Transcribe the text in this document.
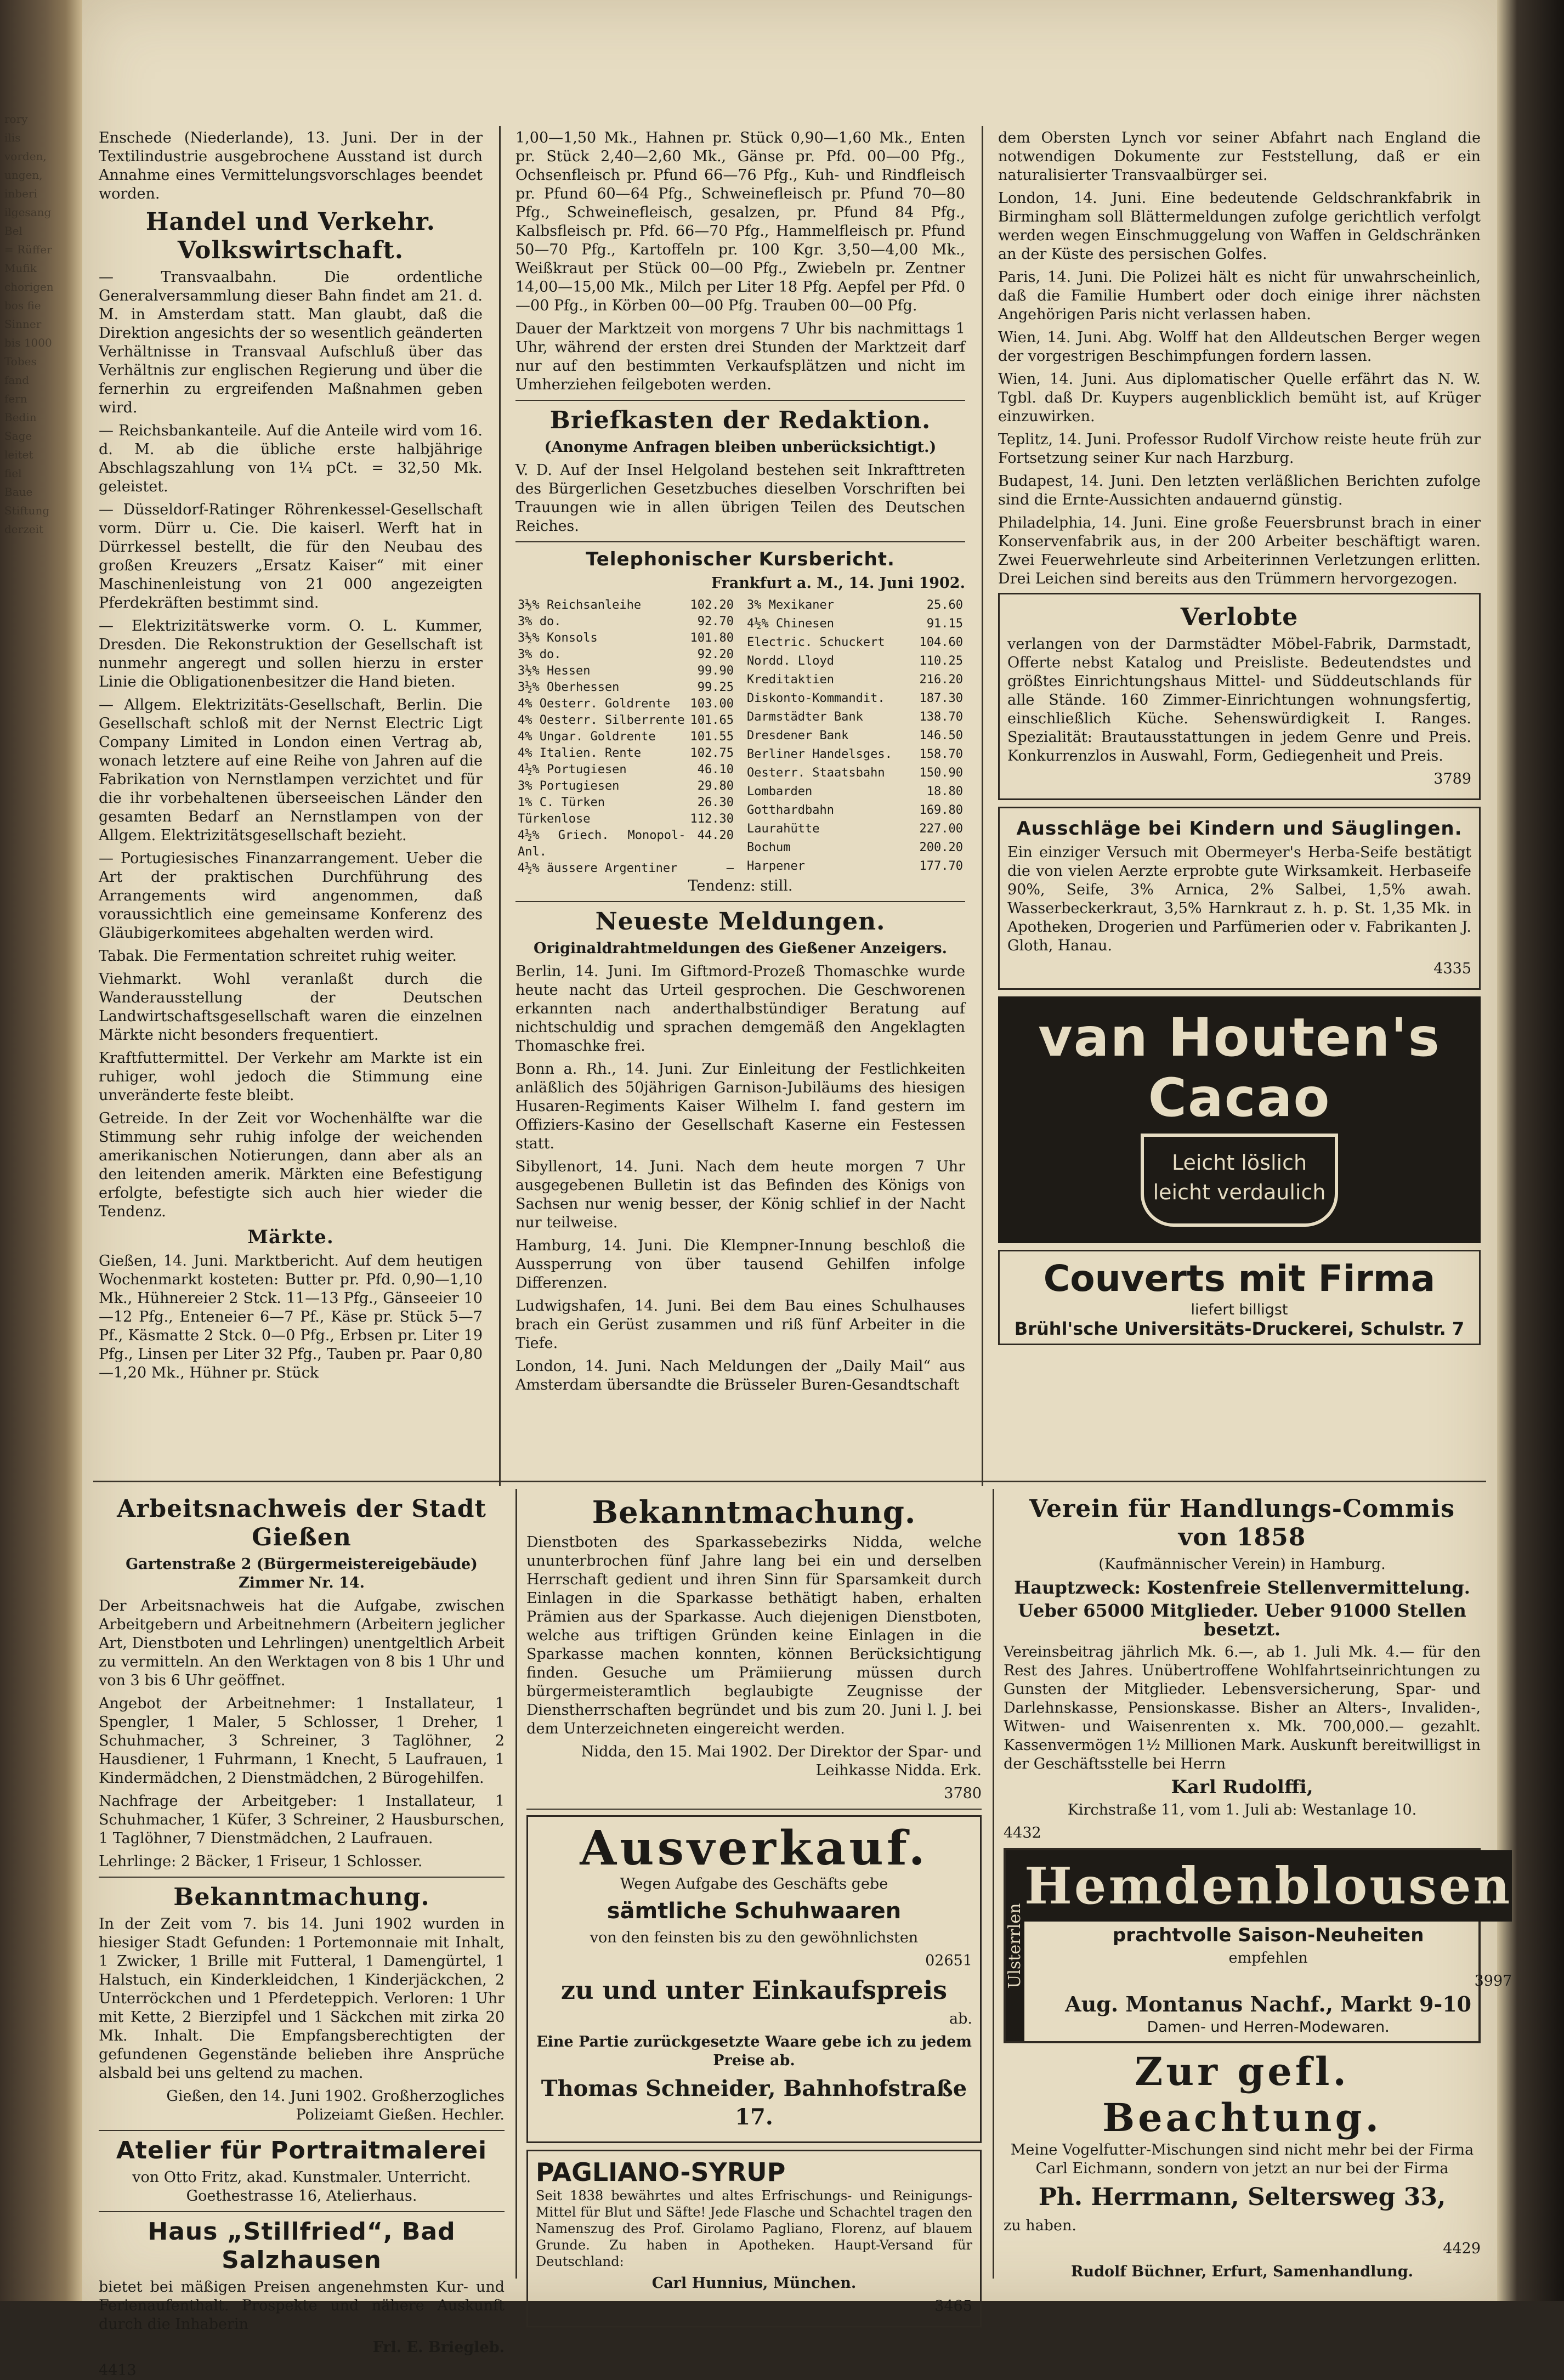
rory
ilis
vorden,
ungen,
inberi
ilgesang
Bel
= Rüffer
Mufik
chorigen
bos fie
Sinner
bis 1000
Tobes
fand
fern
Bedin
Sage
leitet
fiel
Baue
Stiftung
derzeit

Enschede (Niederlande), 13. Juni. Der in der Textilindustrie ausgebrochene Ausstand ist durch Annahme eines Vermittelungsvorschlages beendet worden.

Handel und Verkehr. Volkswirtschaft.

— Transvaalbahn. Die ordentliche Generalversammlung dieser Bahn findet am 21. d. M. in Amsterdam statt. Man glaubt, daß die Direktion angesichts der so wesentlich geänderten Verhältnisse in Transvaal Aufschluß über das Verhältnis zur englischen Regierung und über die fernerhin zu ergreifenden Maßnahmen geben wird.

— Reichsbankanteile. Auf die Anteile wird vom 16. d. M. ab die übliche erste halbjährige Abschlagszahlung von 1¼ pCt. = 32,50 Mk. geleistet.

— Düsseldorf-Ratinger Röhrenkessel-Gesellschaft vorm. Dürr u. Cie. Die kaiserl. Werft hat in Dürrkessel bestellt, die für den Neubau des großen Kreuzers „Ersatz Kaiser“ mit einer Maschinenleistung von 21 000 angezeigten Pferdekräften bestimmt sind.

— Elektrizitätswerke vorm. O. L. Kummer, Dresden. Die Rekonstruktion der Gesellschaft ist nunmehr angeregt und sollen hierzu in erster Linie die Obligationenbesitzer die Hand bieten.

— Allgem. Elektrizitäts-Gesellschaft, Berlin. Die Gesellschaft schloß mit der Nernst Electric Ligt Company Limited in London einen Vertrag ab, wonach letztere auf eine Reihe von Jahren auf die Fabrikation von Nernstlampen verzichtet und für die ihr vorbehaltenen überseeischen Länder den gesamten Bedarf an Nernstlampen von der Allgem. Elektrizitätsgesellschaft bezieht.

— Portugiesisches Finanzarrangement. Ueber die Art der praktischen Durchführung des Arrangements wird angenommen, daß voraussichtlich eine gemeinsame Konferenz des Gläubigerkomitees abgehalten werden wird.

Tabak. Die Fermentation schreitet ruhig weiter.

Viehmarkt. Wohl veranlaßt durch die Wanderausstellung der Deutschen Landwirtschaftsgesellschaft waren die einzelnen Märkte nicht besonders frequentiert.

Kraftfuttermittel. Der Verkehr am Markte ist ein ruhiger, wohl jedoch die Stimmung eine unveränderte feste bleibt.

Getreide. In der Zeit vor Wochenhälfte war die Stimmung sehr ruhig infolge der weichenden amerikanischen Notierungen, dann aber als an den leitenden amerik. Märkten eine Befestigung erfolgte, befestigte sich auch hier wieder die Tendenz.

Märkte.

Gießen, 14. Juni. Marktbericht. Auf dem heutigen Wochenmarkt kosteten: Butter pr. Pfd. 0,90—1,10 Mk., Hühnereier 2 Stck. 11—13 Pfg., Gänseeier 10—12 Pfg., Enteneier 6—7 Pf., Käse pr. Stück 5—7 Pf., Käsmatte 2 Stck. 0—0 Pfg., Erbsen pr. Liter 19 Pfg., Linsen per Liter 32 Pfg., Tauben pr. Paar 0,80—1,20 Mk., Hühner pr. Stück

1,00—1,50 Mk., Hahnen pr. Stück 0,90—1,60 Mk., Enten pr. Stück 2,40—2,60 Mk., Gänse pr. Pfd. 00—00 Pfg., Ochsenfleisch pr. Pfund 66—76 Pfg., Kuh- und Rindfleisch pr. Pfund 60—64 Pfg., Schweinefleisch pr. Pfund 70—80 Pfg., Schweinefleisch, gesalzen, pr. Pfund 84 Pfg., Kalbsfleisch pr. Pfd. 66—70 Pfg., Hammelfleisch pr. Pfund 50—70 Pfg., Kartoffeln pr. 100 Kgr. 3,50—4,00 Mk., Weißkraut per Stück 00—00 Pfg., Zwiebeln pr. Zentner 14,00—15,00 Mk., Milch per Liter 18 Pfg. Aepfel per Pfd. 0—00 Pfg., in Körben 00—00 Pfg. Trauben 00—00 Pfg.

Dauer der Marktzeit von morgens 7 Uhr bis nachmittags 1 Uhr, während der ersten drei Stunden der Marktzeit darf nur auf den bestimmten Verkaufsplätzen und nicht im Umherziehen feilgeboten werden.

Briefkasten der Redaktion.

(Anonyme Anfragen bleiben unberücksichtigt.)

V. D. Auf der Insel Helgoland bestehen seit Inkrafttreten des Bürgerlichen Gesetzbuches dieselben Vorschriften bei Trauungen wie in allen übrigen Teilen des Deutschen Reiches.

Telephonischer Kursbericht.

Frankfurt a. M., 14. Juni 1902.

3½% Reichsanleihe	102.20
3% do.	92.70
3½% Konsols	101.80
3% do.	92.20
3½% Hessen	99.90
3½% Oberhessen	99.25
4% Oesterr. Goldrente	103.00
4% Oesterr. Silberrente	101.65
4% Ungar. Goldrente	101.55
4% Italien. Rente	102.75
4½% Portugiesen	46.10
3% Portugiesen	29.80
1% C. Türken	26.30
Türkenlose	112.30
4½% Griech. Monopol-Anl.	44.20
4½% äussere Argentiner	—
3% Mexikaner	25.60
4½% Chinesen	91.15
Electric. Schuckert	104.60
Nordd. Lloyd	110.25
Kreditaktien	216.20
Diskonto-Kommandit.	187.30
Darmstädter Bank	138.70
Dresdener Bank	146.50
Berliner Handelsges.	158.70
Oesterr. Staatsbahn	150.90
Lombarden	18.80
Gotthardbahn	169.80
Laurahütte	227.00
Bochum	200.20
Harpener	177.70

Tendenz: still.

Neueste Meldungen.

Originaldrahtmeldungen des Gießener Anzeigers.

Berlin, 14. Juni. Im Giftmord-Prozeß Thomaschke wurde heute nacht das Urteil gesprochen. Die Geschworenen erkannten nach anderthalbstündiger Beratung auf nichtschuldig und sprachen demgemäß den Angeklagten Thomaschke frei.

Bonn a. Rh., 14. Juni. Zur Einleitung der Festlichkeiten anläßlich des 50jährigen Garnison-Jubiläums des hiesigen Husaren-Regiments Kaiser Wilhelm I. fand gestern im Offiziers-Kasino der Gesellschaft Kaserne ein Festessen statt.

Sibyllenort, 14. Juni. Nach dem heute morgen 7 Uhr ausgegebenen Bulletin ist das Befinden des Königs von Sachsen nur wenig besser, der König schlief in der Nacht nur teilweise.

Hamburg, 14. Juni. Die Klempner-Innung beschloß die Aussperrung von über tausend Gehilfen infolge Differenzen.

Ludwigshafen, 14. Juni. Bei dem Bau eines Schulhauses brach ein Gerüst zusammen und riß fünf Arbeiter in die Tiefe.

London, 14. Juni. Nach Meldungen der „Daily Mail“ aus Amsterdam übersandte die Brüsseler Buren-Gesandtschaft

dem Obersten Lynch vor seiner Abfahrt nach England die notwendigen Dokumente zur Feststellung, daß er ein naturalisierter Transvaalbürger sei.

London, 14. Juni. Eine bedeutende Geldschrankfabrik in Birmingham soll Blättermeldungen zufolge gerichtlich verfolgt werden wegen Einschmuggelung von Waffen in Geldschränken an der Küste des persischen Golfes.

Paris, 14. Juni. Die Polizei hält es nicht für unwahrscheinlich, daß die Familie Humbert oder doch einige ihrer nächsten Angehörigen Paris nicht verlassen haben.

Wien, 14. Juni. Abg. Wolff hat den Alldeutschen Berger wegen der vorgestrigen Beschimpfungen fordern lassen.

Wien, 14. Juni. Aus diplomatischer Quelle erfährt das N. W. Tgbl. daß Dr. Kuypers augenblicklich bemüht ist, auf Krüger einzuwirken.

Teplitz, 14. Juni. Professor Rudolf Virchow reiste heute früh zur Fortsetzung seiner Kur nach Harzburg.

Budapest, 14. Juni. Den letzten verläßlichen Berichten zufolge sind die Ernte-Aussichten andauernd günstig.

Philadelphia, 14. Juni. Eine große Feuersbrunst brach in einer Konservenfabrik aus, in der 200 Arbeiter beschäftigt waren. Zwei Feuerwehrleute sind Arbeiterinnen Verletzungen erlitten. Drei Leichen sind bereits aus den Trümmern hervorgezogen.

Verlobte

verlangen von der Darmstädter Möbel-Fabrik, Darmstadt, Offerte nebst Katalog und Preisliste. Bedeutendstes und größtes Einrichtungshaus Mittel- und Süddeutschlands für alle Stände. 160 Zimmer-Einrichtungen wohnungsfertig, einschließlich Küche. Sehenswürdigkeit I. Ranges. Spezialität: Brautausstattungen in jedem Genre und Preis. Konkurrenzlos in Auswahl, Form, Gediegenheit und Preis.

3789

Ausschläge bei Kindern und Säuglingen.

Ein einziger Versuch mit Obermeyer's Herba-Seife bestätigt die von vielen Aerzte erprobte gute Wirksamkeit. Herbaseife 90%, Seife, 3% Arnica, 2% Salbei, 1,5% awah. Wasserbeckerkraut, 3,5% Harnkraut z. h. p. St. 1,35 Mk. in Apotheken, Drogerien und Parfümerien oder v. Fabrikanten J. Gloth, Hanau.

4335

van Houten's
Cacao
Leicht löslich
leicht verdaulich
Couverts mit Firma
liefert billigst
Brühl'sche Universitäts-Druckerei, Schulstr. 7
Arbeitsnachweis der Stadt Gießen

Gartenstraße 2 (Bürgermeistereigebäude) Zimmer Nr. 14.

Der Arbeitsnachweis hat die Aufgabe, zwischen Arbeitgebern und Arbeitnehmern (Arbeitern jeglicher Art, Dienstboten und Lehrlingen) unentgeltlich Arbeit zu vermitteln. An den Werktagen von 8 bis 1 Uhr und von 3 bis 6 Uhr geöffnet.

Angebot der Arbeitnehmer: 1 Installateur, 1 Spengler, 1 Maler, 5 Schlosser, 1 Dreher, 1 Schuhmacher, 3 Schreiner, 3 Taglöhner, 2 Hausdiener, 1 Fuhrmann, 1 Knecht, 5 Laufrauen, 1 Kindermädchen, 2 Dienstmädchen, 2 Bürogehilfen.

Nachfrage der Arbeitgeber: 1 Installateur, 1 Schuhmacher, 1 Küfer, 3 Schreiner, 2 Hausburschen, 1 Taglöhner, 7 Dienstmädchen, 2 Laufrauen.

Lehrlinge: 2 Bäcker, 1 Friseur, 1 Schlosser.

Bekanntmachung.

In der Zeit vom 7. bis 14. Juni 1902 wurden in hiesiger Stadt Gefunden: 1 Portemonnaie mit Inhalt, 1 Zwicker, 1 Brille mit Futteral, 1 Damengürtel, 1 Halstuch, ein Kinderkleidchen, 1 Kinderjäckchen, 2 Unterröckchen und 1 Pferdeteppich. Verloren: 1 Uhr mit Kette, 2 Bierzipfel und 1 Säckchen mit zirka 20 Mk. Inhalt. Die Empfangsberechtigten der gefundenen Gegenstände belieben ihre Ansprüche alsbald bei uns geltend zu machen.

Gießen, den 14. Juni 1902. Großherzogliches Polizeiamt Gießen. Hechler.

Atelier für Portraitmalerei

von Otto Fritz, akad. Kunstmaler. Unterricht. Goethestrasse 16, Atelierhaus.

Haus „Stillfried“, Bad Salzhausen

bietet bei mäßigen Preisen angenehmsten Kur- und Ferienaufenthalt. Prospekte und nähere Auskunft durch die Inhaberin

Frl. E. Briegleb.

4413

Bekanntmachung.

Dienstboten des Sparkassebezirks Nidda, welche ununterbrochen fünf Jahre lang bei ein und derselben Herrschaft gedient und ihren Sinn für Sparsamkeit durch Einlagen in die Sparkasse bethätigt haben, erhalten Prämien aus der Sparkasse. Auch diejenigen Dienstboten, welche aus triftigen Gründen keine Einlagen in die Sparkasse machen konnten, können Berücksichtigung finden. Gesuche um Prämiierung müssen durch bürgermeisteramtlich beglaubigte Zeugnisse der Dienstherrschaften begründet und bis zum 20. Juni l. J. bei dem Unterzeichneten eingereicht werden.

Nidda, den 15. Mai 1902. Der Direktor der Spar- und Leihkasse Nidda. Erk.

3780

Ausverkauf.

Wegen Aufgabe des Geschäfts gebe

sämtliche Schuhwaaren

von den feinsten bis zu den gewöhnlichsten

02651

zu und unter Einkaufspreis

ab.

Eine Partie zurückgesetzte Waare gebe ich zu jedem Preise ab.

Thomas Schneider, Bahnhofstraße 17.

PAGLIANO-SYRUP

Seit 1838 bewährtes und altes Erfrischungs- und Reinigungs-Mittel für Blut und Säfte! Jede Flasche und Schachtel tragen den Namenszug des Prof. Girolamo Pagliano, Florenz, auf blauem Grunde. Zu haben in Apotheken. Haupt-Versand für Deutschland:

Carl Hunnius, München.

3465

Verein für Handlungs-Commis von 1858

(Kaufmännischer Verein) in Hamburg.

Hauptzweck: Kostenfreie Stellenvermittelung.

Ueber 65000 Mitglieder. Ueber 91000 Stellen besetzt.

Vereinsbeitrag jährlich Mk. 6.—, ab 1. Juli Mk. 4.— für den Rest des Jahres. Unübertroffene Wohlfahrtseinrichtungen zu Gunsten der Mitglieder. Lebensversicherung, Spar- und Darlehnskasse, Pensionskasse. Bisher an Alters-, Invaliden-, Witwen- und Waisenrenten x. Mk. 700,000.— gezahlt. Kassenvermögen 1½ Millionen Mark. Auskunft bereitwilligst in der Geschäftsstelle bei Herrn

Karl Rudolffi,

Kirchstraße 11, vom 1. Juli ab: Westanlage 10.

4432

Ulsterrlen
Hemdenblousen

prachtvolle Saison-Neuheiten

empfehlen

3997

Aug. Montanus Nachf., Markt 9-10

Damen- und Herren-Modewaren.

Zur gefl. Beachtung.

Meine Vogelfutter-Mischungen sind nicht mehr bei der Firma Carl Eichmann, sondern von jetzt an nur bei der Firma

Ph. Herrmann, Seltersweg 33,

zu haben.

4429

Rudolf Büchner, Erfurt, Samenhandlung.
